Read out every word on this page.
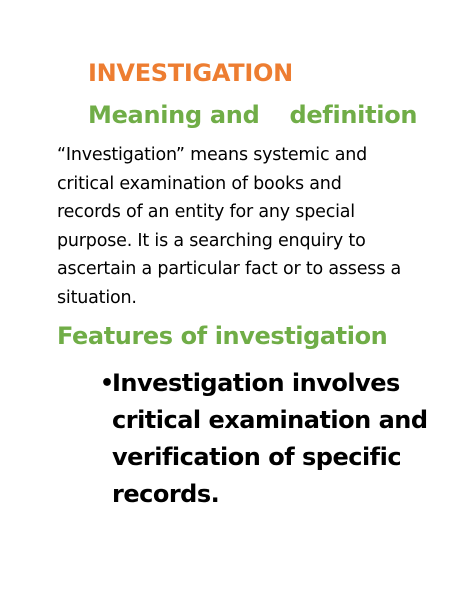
INVESTIGATION
Meaning and definition
“Investigation” means systemic and
critical examination of books and
records of an entity for any special
purpose. It is a searching enquiry to
ascertain a particular fact or to assess a
situation.
Features of investigation
•
Investigation involves
critical examination and
verification of specific
records.
